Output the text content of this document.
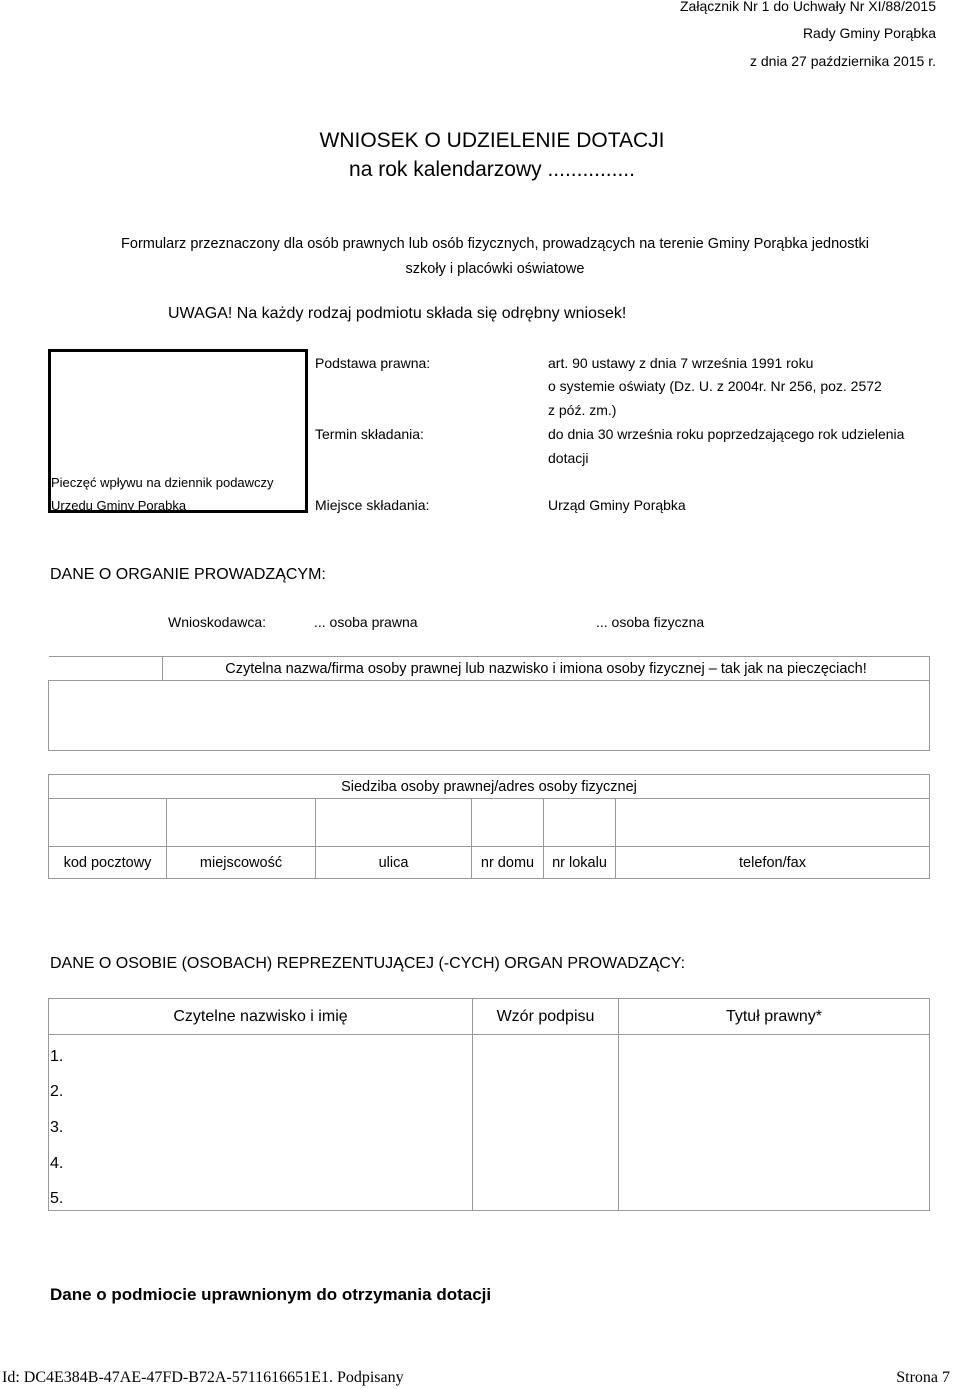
Załącznik Nr 1 do Uchwały Nr XI/88/2015
Rady Gminy Porąbka
z dnia 27 października 2015 r.
WNIOSEK O UDZIELENIE DOTACJI
na rok kalendarzowy ...............
Formularz przeznaczony dla osób prawnych lub osób fizycznych, prowadzących na terenie Gminy Porąbka jednostki
szkoły i placówki oświatowe
UWAGA! Na każdy rodzaj podmiotu składa się odrębny wniosek!
Pieczęć wpływu na dziennik podawczy
Urzędu Gminy Porąbka
Podstawa prawna:	art. 90 ustawy z dnia 7 września 1991 roku
o systemie oświaty (Dz. U. z 2004r. Nr 256, poz. 2572
z póź. zm.)
Termin składania:	do dnia 30 września roku poprzedzającego rok udzielenia
dotacji
Miejsce składania:	Urząd Gminy Porąbka
DANE O ORGANIE PROWADZĄCYM:
Wnioskodawca:	... osoba prawna	... osoba fizyczna
	Czytelna nazwa/firma osoby prawnej lub nazwisko i imiona osoby fizycznej – tak jak na pieczęciach!

Siedziba osoby prawnej/adres osoby fizycznej					

kod pocztowy	miejscowość	ulica	nr domu	nr lokalu	telefon/fax
DANE O OSOBIE (OSOBACH) REPREZENTUJĄCEJ (-CYCH) ORGAN PROWADZĄCY:
Czytelne nazwisko i imię	Wzór podpisu	Tytuł prawny*

1.
2.
3.
4.
5.
Dane o podmiocie uprawnionym do otrzymania dotacji
Id: DC4E384B-47AE-47FD-B72A-5711616651E1. Podpisany	Strona 7
